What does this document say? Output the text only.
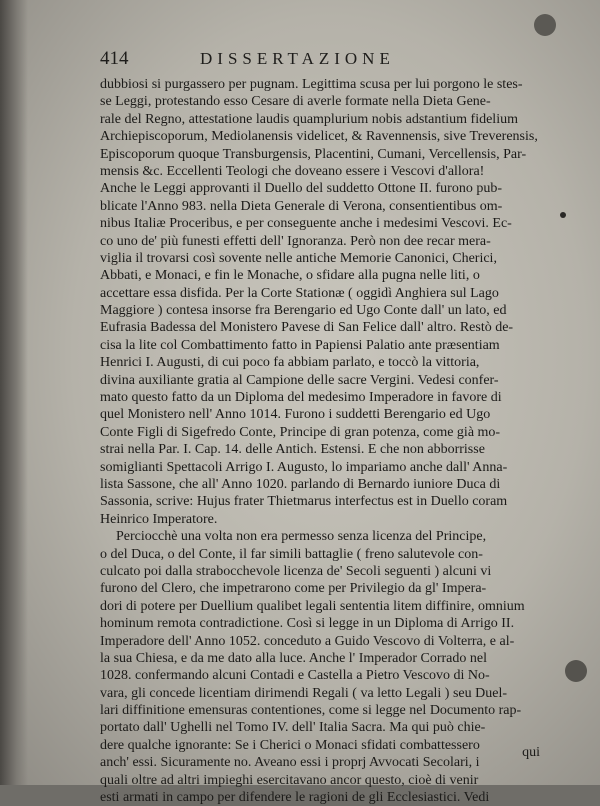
414	DISSERTAZIONE

dubbiosi si purgassero per pugnam. Legittima scusa per lui porgono le stes-

se Leggi, protestando esso Cesare di averle formate nella Dieta Gene-

rale del Regno, attestatione laudis quamplurium nobis adstantium fidelium

Archiepiscoporum, Mediolanensis videlicet, & Ravennensis, sive Treverensis,

Episcoporum quoque Transburgensis, Placentini, Cumani, Vercellensis, Par-

mensis &c. Eccellenti Teologi che doveano essere i Vescovi d'allora!

Anche le Leggi approvanti il Duello del suddetto Ottone II. furono pub-

blicate l'Anno 983. nella Dieta Generale di Verona, consentientibus om-

nibus Italiæ Proceribus, e per conseguente anche i medesimi Vescovi. Ec-

co uno de' più funesti effetti dell' Ignoranza. Però non dee recar mera-

viglia il trovarsi così sovente nelle antiche Memorie Canonici, Cherici,

Abbati, e Monaci, e fin le Monache, o sfidare alla pugna nelle liti, o

accettare essa disfida. Per la Corte Stationæ ( oggidì Anghiera sul Lago

Maggiore ) contesa insorse fra Berengario ed Ugo Conte dall' un lato, ed

Eufrasia Badessa del Monistero Pavese di San Felice dall' altro. Restò de-

cisa la lite col Combattimento fatto in Papiensi Palatio ante præsentiam

Henrici I. Augusti, di cui poco fa abbiam parlato, e toccò la vittoria,

divina auxiliante gratia al Campione delle sacre Vergini. Vedesi confer-

mato questo fatto da un Diploma del medesimo Imperadore in favore di

quel Monistero nell' Anno 1014. Furono i suddetti Berengario ed Ugo

Conte Figli di Sigefredo Conte, Principe di gran potenza, come già mo-

strai nella Par. I. Cap. 14. delle Antich. Estensi. E che non abborrisse

somiglianti Spettacoli Arrigo I. Augusto, lo impariamo anche dall' Anna-

lista Sassone, che all' Anno 1020. parlando di Bernardo iuniore Duca di

Sassonia, scrive: Hujus frater Thietmarus interfectus est in Duello coram

Heinrico Imperatore.

Perciocchè una volta non era permesso senza licenza del Principe,

o del Duca, o del Conte, il far simili battaglie ( freno salutevole con-

culcato poi dalla strabocchevole licenza de' Secoli seguenti ) alcuni vi

furono del Clero, che impetrarono come per Privilegio da gl' Impera-

dori di potere per Duellium qualibet legali sententia litem diffinire, omnium

hominum remota contradictione. Così si legge in un Diploma di Arrigo II.

Imperadore dell' Anno 1052. conceduto a Guido Vescovo di Volterra, e al-

la sua Chiesa, e da me dato alla luce. Anche l' Imperador Corrado nel

1028. confermando alcuni Contadi e Castella a Pietro Vescovo di No-

vara, gli concede licentiam dirimendi Regali ( va letto Legali ) seu Duel-

lari diffinitione emensuras contentiones, come si legge nel Documento rap-

portato dall' Ughelli nel Tomo IV. dell' Italia Sacra. Ma qui può chie-

dere qualche ignorante: Se i Cherici o Monaci sfidati combattessero

anch' essi. Sicuramente no. Aveano essi i proprj Avvocati Secolari, i

quali oltre ad altri impieghi esercitavano ancor questo, cioè di venir

esti armati in campo per difendere le ragioni de gli Ecclesiastici. Vedi

qui
